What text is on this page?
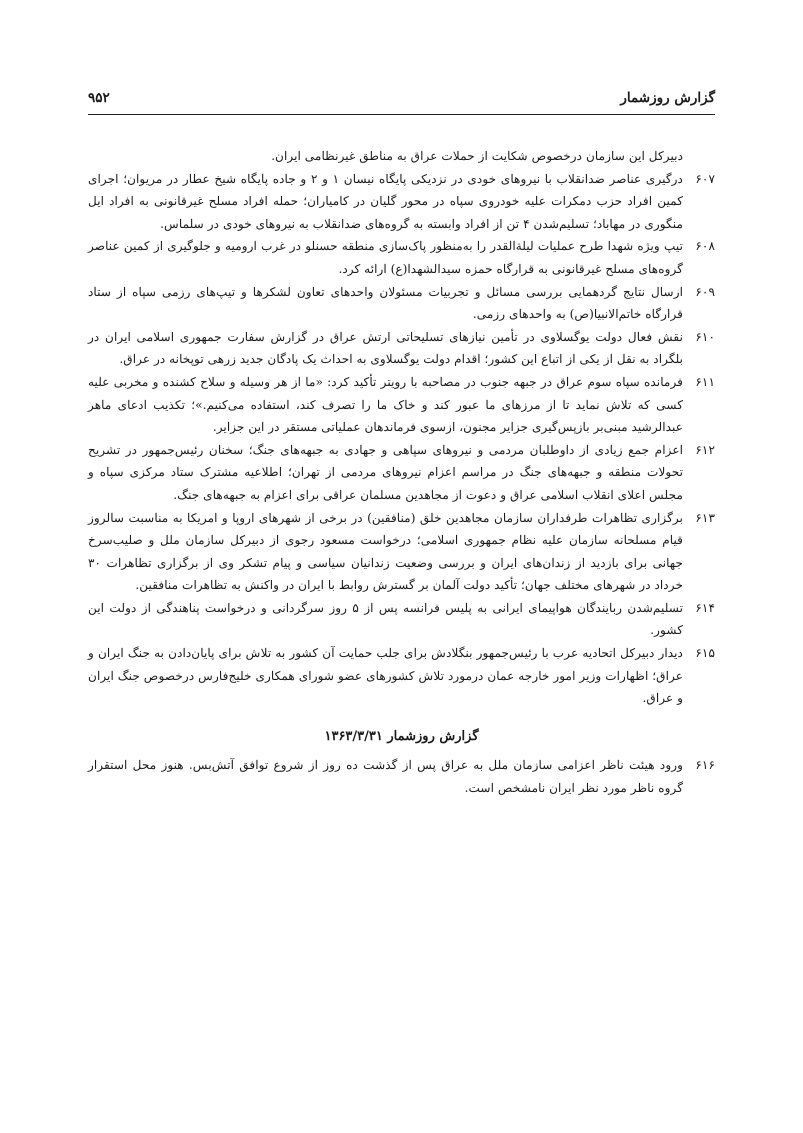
گزارش روزشمار
۹۵۲
دبیرکل این سازمان درخصوص شکایت از حملات عراق به مناطق غیرنظامی ایران.
۶۰۷
درگیری عناصر ضدانقلاب با نیروهای خودی در نزدیکی پایگاه نیسان ۱ و ۲ و جاده پایگاه شیخ عطار در مریوان؛ اجرای کمین افراد حزب دمکرات علیه خودروی سپاه در محور گلیان در کامیاران؛ حمله افراد مسلح غیرقانونی به افراد ایل منگوری در مهاباد؛ تسلیم‌شدن ۴ تن از افراد وابسته به گروه‌های ضدانقلاب به نیروهای خودی در سلماس.
۶۰۸
تیپ ویژه شهدا طرح عملیات لیلة‌القدر را به‌منظور پاک‌سازی منطقه حسنلو در غرب ارومیه و جلوگیری از کمین عناصر گروه‌های مسلح غیرقانونی به قرارگاه حمزه سیدالشهدا(ع) ارائه کرد.
۶۰۹
ارسال نتایج گردهمایی بررسی مسائل و تجربیات مسئولان واحدهای تعاون لشکرها و تیپ‌های رزمی سپاه از ستاد قرارگاه خاتم‌الانبیا(ص) به واحدهای رزمی.
۶۱۰
نقش فعال دولت یوگسلاوی در تأمین نیازهای تسلیحاتی ارتش عراق در گزارش سفارت جمهوری اسلامی ایران در بلگراد به نقل از یکی از اتباع این کشور؛ اقدام دولت یوگسلاوی به احداث یک پادگان جدید زرهی توپخانه در عراق.
۶۱۱
فرمانده سپاه سوم عراق در جبهه جنوب در مصاحبه با رویتر تأکید کرد: «ما از هر وسیله و سلاح کشنده و مخربی علیه کسی که تلاش نماید تا از مرزهای ما عبور کند و خاک ما را تصرف کند، استفاده می‌کنیم.»؛ تکذیب ادعای ماهر عبدالرشید مبنی‌بر بازپس‌گیری جزایر مجنون، ازسوی فرماندهان عملیاتی مستقر در این جزایر.
۶۱۲
اعزام جمع زیادی از داوطلبان مردمی و نیروهای سپاهی و جهادی به جبهه‌های جنگ؛ سخنان رئیس‌جمهور در تشریح تحولات منطقه و جبهه‌های جنگ در مراسم اعزام نیروهای مردمی از تهران؛ اطلاعیه مشترک ستاد مرکزی سپاه و مجلس اعلای انقلاب اسلامی عراق و دعوت از مجاهدین مسلمان عراقی برای اعزام به جبهه‌های جنگ.
۶۱۳
برگزاری تظاهرات طرفداران سازمان مجاهدین خلق (منافقین) در برخی از شهرهای اروپا و امریکا به مناسبت سالروز قیام مسلحانه سازمان علیه نظام جمهوری اسلامی؛ درخواست مسعود رجوی از دبیرکل سازمان ملل و صلیب‌سرخ جهانی برای بازدید از زندان‌های ایران و بررسی وضعیت زندانیان سیاسی و پیام تشکر وی از برگزاری تظاهرات ۳۰ خرداد در شهرهای مختلف جهان؛ تأکید دولت آلمان بر گسترش روابط با ایران در واکنش به تظاهرات منافقین.
۶۱۴
تسلیم‌شدن ربایندگان هواپیمای ایرانی به پلیس فرانسه پس از ۵ روز سرگردانی و درخواست پناهندگی از دولت این کشور.
۶۱۵
دیدار دبیرکل اتحادیه عرب با رئیس‌جمهور بنگلادش برای جلب حمایت آن کشور به تلاش برای پایان‌دادن به جنگ ایران و عراق؛ اظهارات وزیر امور خارجه عمان درمورد تلاش کشورهای عضو شورای همکاری خلیج‌فارس درخصوص جنگ ایران و عراق.
گزارش روزشمار ۱۳۶۳/۳/۳۱
۶۱۶
ورود هیئت ناظر اعزامی سازمان ملل به عراق پس از گذشت ده روز از شروع توافق آتش‌بس. هنوز محل استقرار گروه ناظر مورد نظر ایران نامشخص است.
